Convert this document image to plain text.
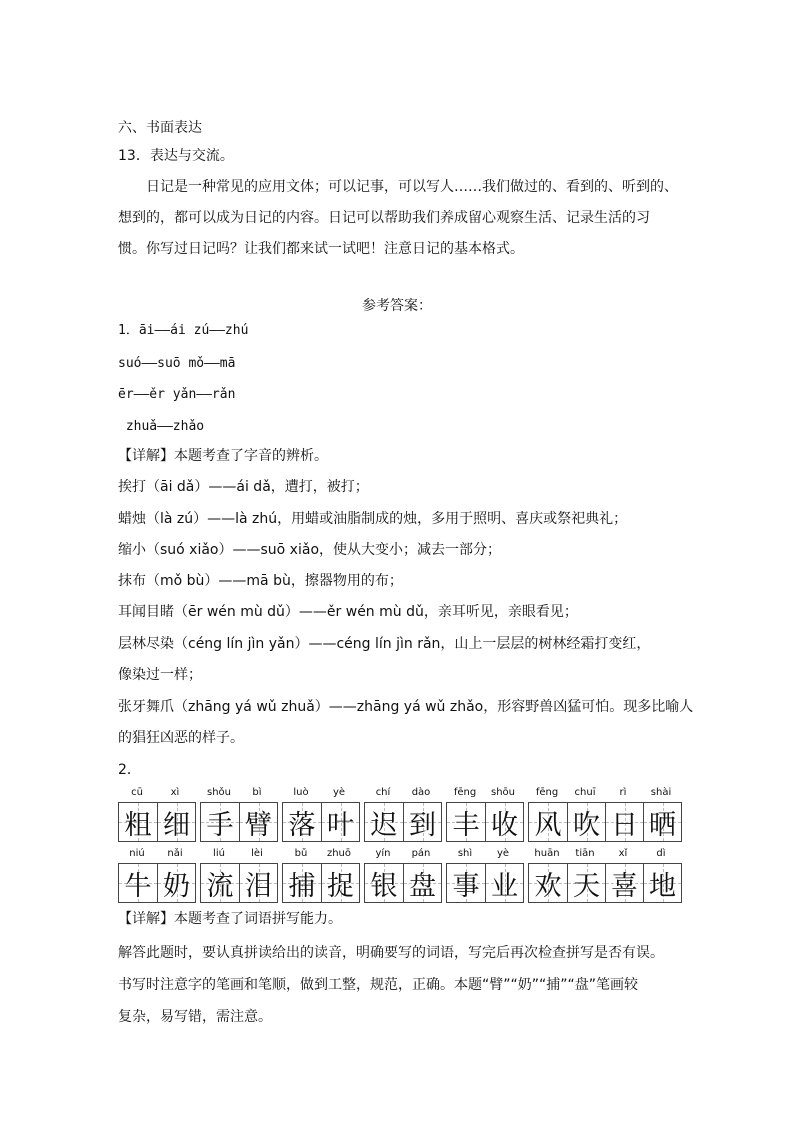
六、书面表达
13．表达与交流。
日记是一种常见的应用文体；可以记事，可以写人……我们做过的、看到的、听到的、
想到的，都可以成为日记的内容。日记可以帮助我们养成留心观察生活、记录生活的习
惯。你写过日记吗？让我们都来试一试吧！注意日记的基本格式。
参考答案：
1．āi——ái zú——zhú
suó——suō mǒ——mā
ēr——ěr yǎn——rǎn
zhuǎ——zhǎo
【详解】本题考查了字音的辨析。
挨打（āi dǎ）——ái dǎ，遭打，被打；
蜡烛（là zú）——là zhú，用蜡或油脂制成的烛，多用于照明、喜庆或祭祀典礼；
缩小（suó xiǎo）——suō xiǎo，使从大变小；减去一部分；
抹布（mǒ bù）——mā bù，擦器物用的布；
耳闻目睹（ēr wén mù dǔ）——ěr wén mù dǔ，亲耳听见，亲眼看见；
层林尽染（céng lín jìn yǎn）——céng lín jìn rǎn，山上一层层的树林经霜打变红，
像染过一样；
张牙舞爪（zhāng yá wǔ zhuǎ）——zhāng yá wǔ zhǎo，形容野兽凶猛可怕。现多比喻人
的猖狂凶恶的样子。
2．
cū	xì
粗 细
shǒu	bì
手 臂
luò	yè
落 叶
chí	dào
迟 到
fēng	shōu
丰 收
fēng	chuī	rì	shài
风 吹 日 晒
niú	nǎi
牛 奶
liú	lèi
流 泪
bǔ	zhuō
捕 捉
yín	pán
银 盘
shì	yè
事 业
huān	tiān	xǐ	dì
欢 天 喜 地
【详解】本题考查了词语拼写能力。
解答此题时，要认真拼读给出的读音，明确要写的词语，写完后再次检查拼写是否有误。
书写时注意字的笔画和笔顺，做到工整，规范，正确。本题“臂”“奶”“捕”“盘”笔画较
复杂，易写错，需注意。
